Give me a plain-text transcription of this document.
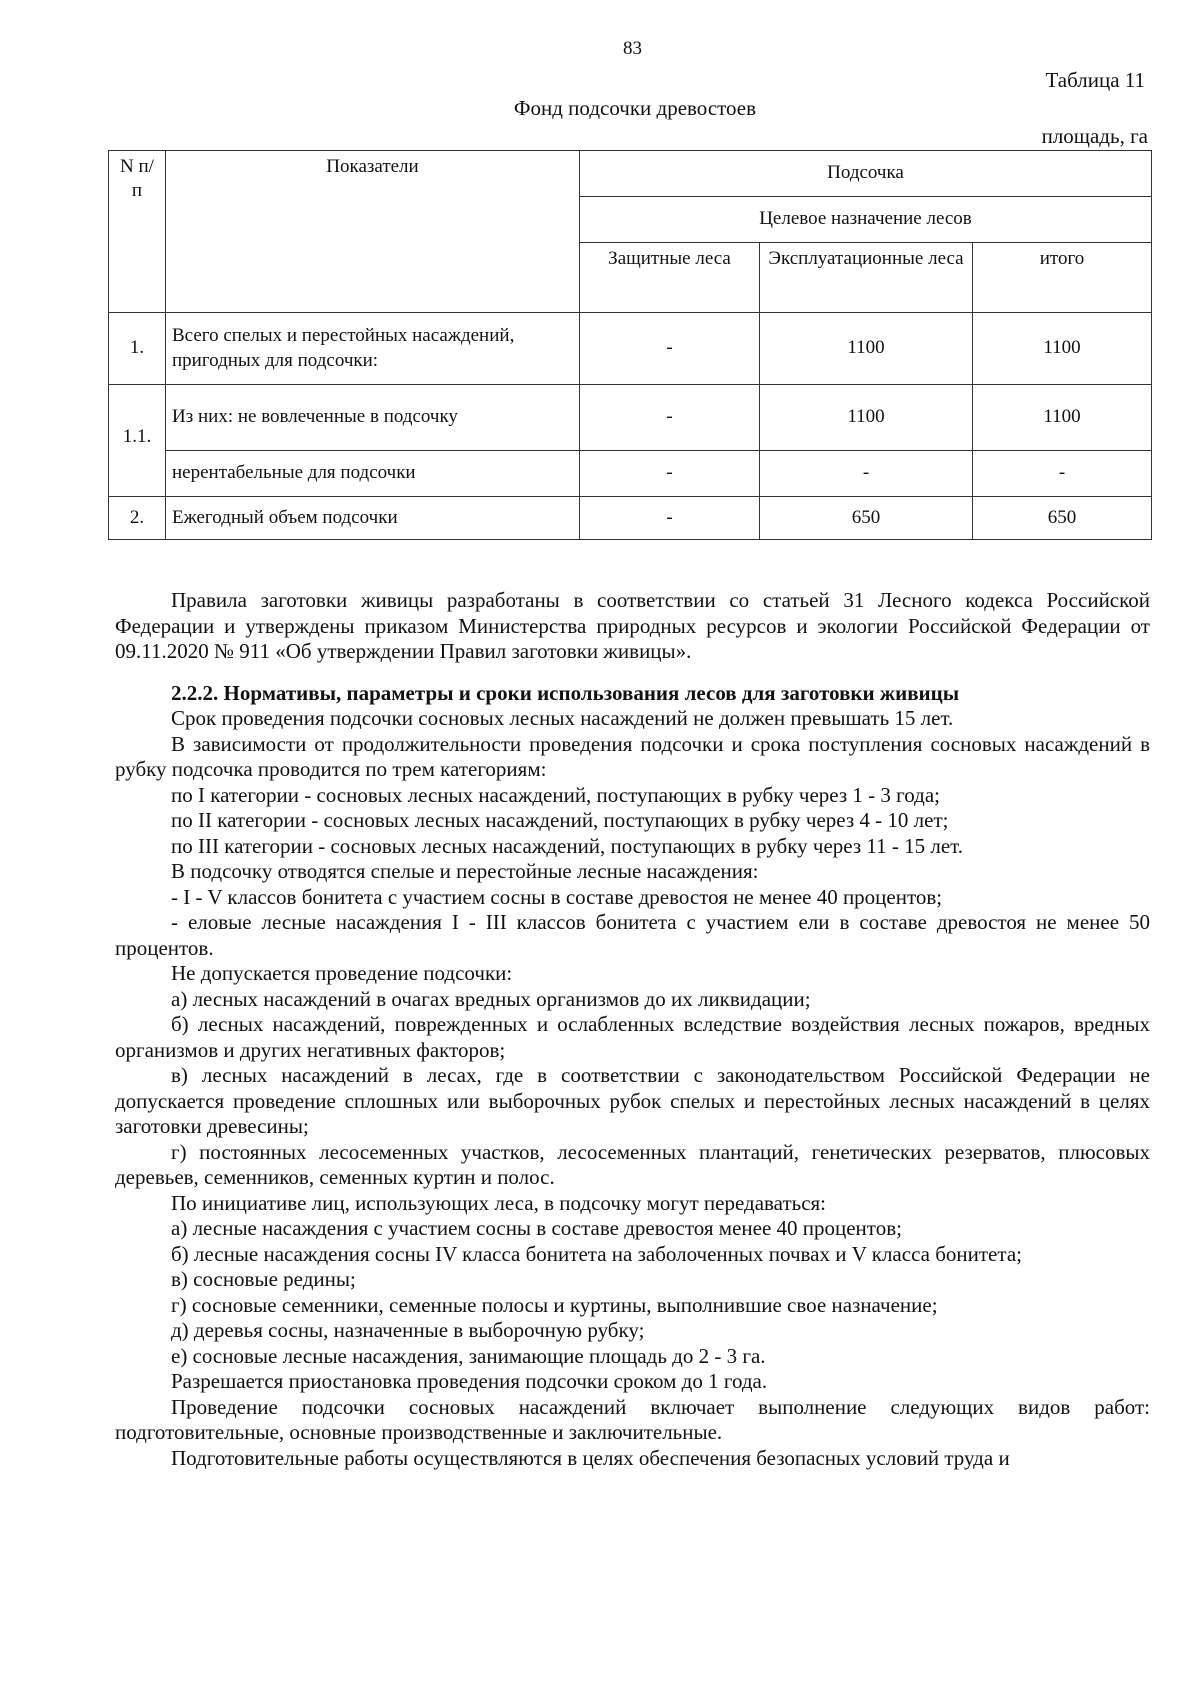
83
Таблица 11
Фонд подсочки древостоев
площадь, га
N п/п	Показатели	Подсочка		
		Целевое назначение лесов		
		Защитные леса	Эксплуатационные леса	итого
1.	Всего спелых и перестойных насаждений, пригодных для подсочки:	-	1100	1100
1.1.	Из них: не вовлеченные в подсочку	-	1100	1100
	нерентабельные для подсочки	-	-	-
2.	Ежегодный объем подсочки	-	650	650

Правила заготовки живицы разработаны в соответствии со статьей 31 Лесного кодекса Российской Федерации и утверждены приказом Министерства природных ресурсов и экологии Российской Федерации от 09.11.2020 № 911 «Об утверждении Правил заготовки живицы».

2.2.2. Нормативы, параметры и сроки использования лесов для заготовки живицы

Срок проведения подсочки сосновых лесных насаждений не должен превышать 15 лет.

В зависимости от продолжительности проведения подсочки и срока поступления сосновых насаждений в рубку подсочка проводится по трем категориям:

по I категории - сосновых лесных насаждений, поступающих в рубку через 1 - 3 года;

по II категории - сосновых лесных насаждений, поступающих в рубку через 4 - 10 лет;

по III категории - сосновых лесных насаждений, поступающих в рубку через 11 - 15 лет.

В подсочку отводятся спелые и перестойные лесные насаждения:

- I - V классов бонитета с участием сосны в составе древостоя не менее 40 процентов;

- еловые лесные насаждения I - III классов бонитета с участием ели в составе древостоя не менее 50 процентов.

Не допускается проведение подсочки:

а) лесных насаждений в очагах вредных организмов до их ликвидации;

б) лесных насаждений, поврежденных и ослабленных вследствие воздействия лесных пожаров, вредных организмов и других негативных факторов;

в) лесных насаждений в лесах, где в соответствии с законодательством Российской Федерации не допускается проведение сплошных или выборочных рубок спелых и перестойных лесных насаждений в целях заготовки древесины;

г) постоянных лесосеменных участков, лесосеменных плантаций, генетических резерватов, плюсовых деревьев, семенников, семенных куртин и полос.

По инициативе лиц, использующих леса, в подсочку могут передаваться:

а) лесные насаждения с участием сосны в составе древостоя менее 40 процентов;

б) лесные насаждения сосны IV класса бонитета на заболоченных почвах и V класса бонитета;

в) сосновые редины;

г) сосновые семенники, семенные полосы и куртины, выполнившие свое назначение;

д) деревья сосны, назначенные в выборочную рубку;

е) сосновые лесные насаждения, занимающие площадь до 2 - 3 га.

Разрешается приостановка проведения подсочки сроком до 1 года.

Проведение подсочки сосновых насаждений включает выполнение следующих видов работ: подготовительные, основные производственные и заключительные.

Подготовительные работы осуществляются в целях обеспечения безопасных условий труда и
